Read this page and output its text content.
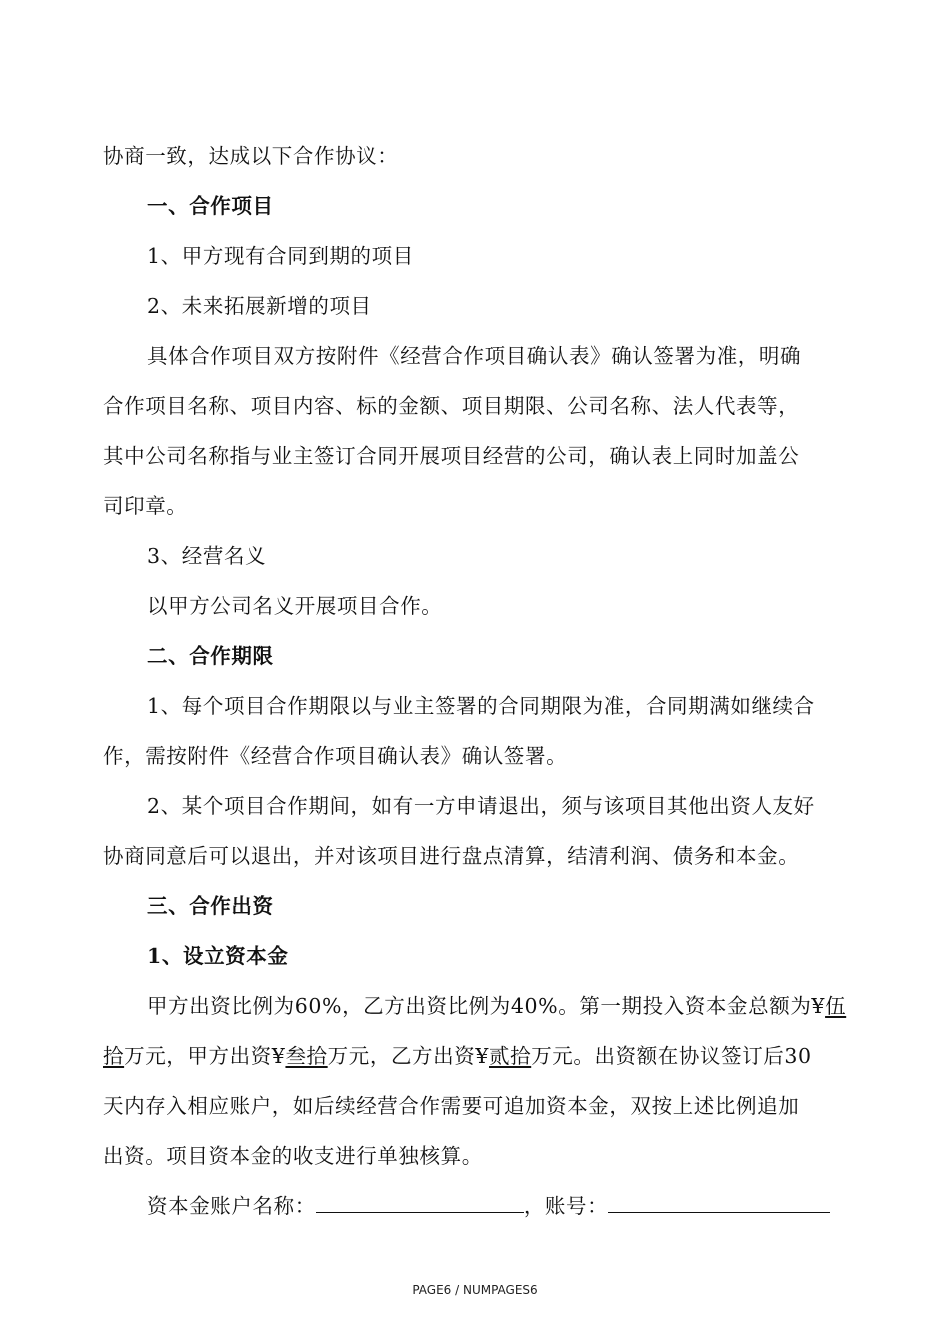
协商一致，达成以下合作协议：

一、合作项目

1、甲方现有合同到期的项目

2、未来拓展新增的项目

具体合作项目双方按附件《经营合作项目确认表》确认签署为准，明确

合作项目名称、项目内容、标的金额、项目期限、公司名称、法人代表等，

其中公司名称指与业主签订合同开展项目经营的公司，确认表上同时加盖公

司印章。

3、经营名义

以甲方公司名义开展项目合作。

二、合作期限

1、每个项目合作期限以与业主签署的合同期限为准，合同期满如继续合

作，需按附件《经营合作项目确认表》确认签署。

2、某个项目合作期间，如有一方申请退出，须与该项目其他出资人友好

协商同意后可以退出，并对该项目进行盘点清算，结清利润、债务和本金。

三、合作出资

1、设立资本金

甲方出资比例为60%，乙方出资比例为40%。第一期投入资本金总额为¥伍

拾万元，甲方出资¥叁拾万元，乙方出资¥贰拾万元。出资额在协议签订后30

天内存入相应账户，如后续经营合作需要可追加资本金，双按上述比例追加

出资。项目资本金的收支进行单独核算。

资本金账户名称：	，账号：

PAGE6 / NUMPAGES6
